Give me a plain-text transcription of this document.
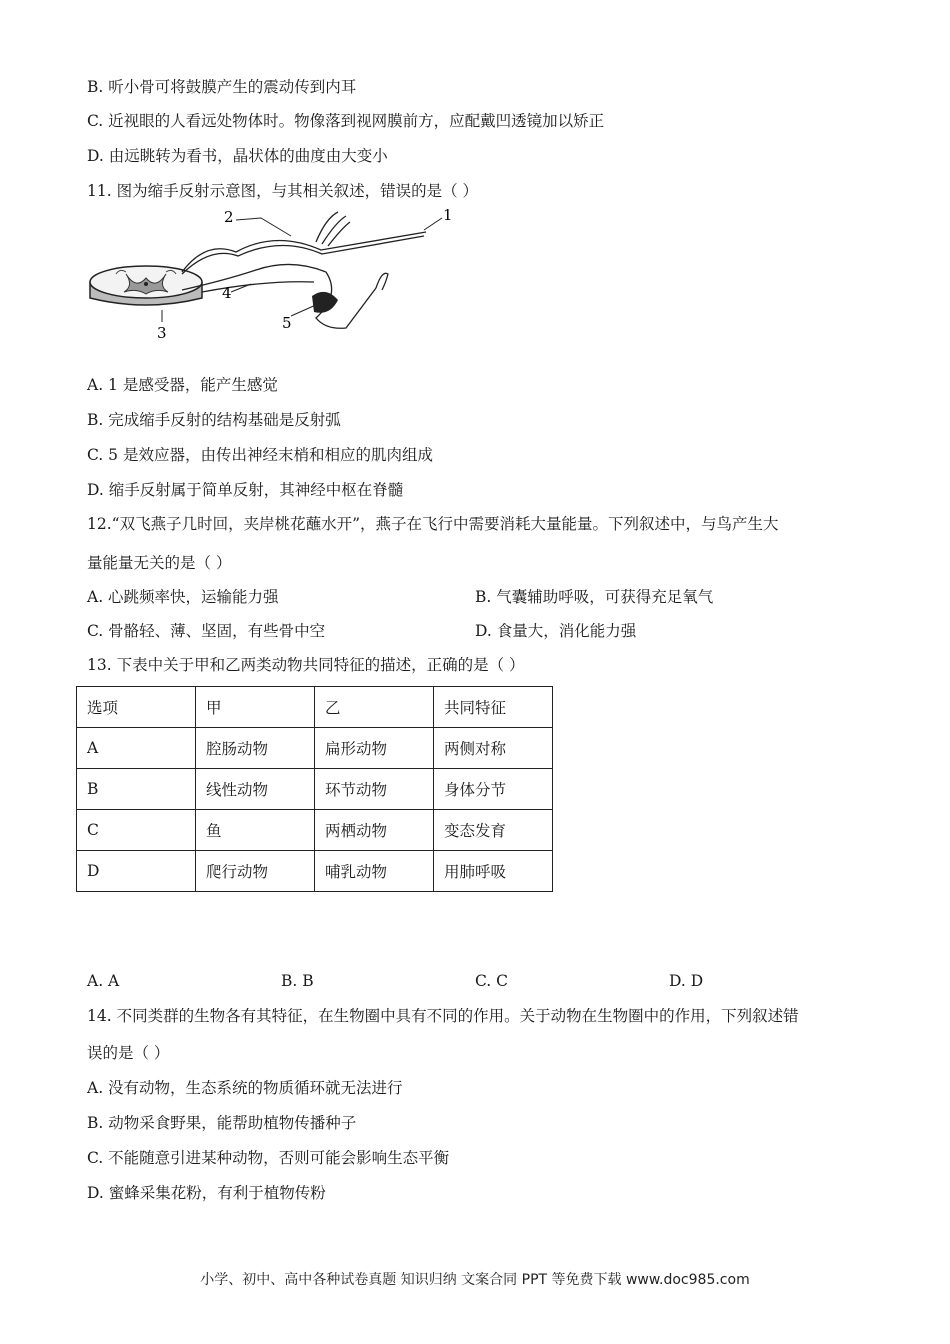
B. 听小骨可将鼓膜产生的震动传到内耳
C. 近视眼的人看远处物体时。物像落到视网膜前方，应配戴凹透镜加以矫正
D. 由远眺转为看书，晶状体的曲度由大变小
11. 图为缩手反射示意图，与其相关叙述，错误的是（ ）
1
2
3
4
5
A. 1 是感受器，能产生感觉
B. 完成缩手反射的结构基础是反射弧
C. 5 是效应器，由传出神经末梢和相应的肌肉组成
D. 缩手反射属于简单反射，其神经中枢在脊髓
12.“双飞燕子几时回，夹岸桃花蘸水开”，燕子在飞行中需要消耗大量能量。下列叙述中，与鸟产生大
量能量无关的是（ ）
A. 心跳频率快，运输能力强	B. 气囊辅助呼吸，可获得充足氧气
C. 骨骼轻、薄、坚固，有些骨中空	D. 食量大，消化能力强
13. 下表中关于甲和乙两类动物共同特征的描述，正确的是（ ）
选项	甲	乙	共同特征
A	腔肠动物	扁形动物	两侧对称
B	线性动物	环节动物	身体分节
C	鱼	两栖动物	变态发育
D	爬行动物	哺乳动物	用肺呼吸
A. A	B. B	C. C	D. D
14. 不同类群的生物各有其特征，在生物圈中具有不同的作用。关于动物在生物圈中的作用，下列叙述错
误的是（ ）
A. 没有动物，生态系统的物质循环就无法进行
B. 动物采食野果，能帮助植物传播种子
C. 不能随意引进某种动物，否则可能会影响生态平衡
D. 蜜蜂采集花粉，有利于植物传粉
小学、初中、高中各种试卷真题 知识归纳 文案合同 PPT 等免费下载 www.doc985.com
